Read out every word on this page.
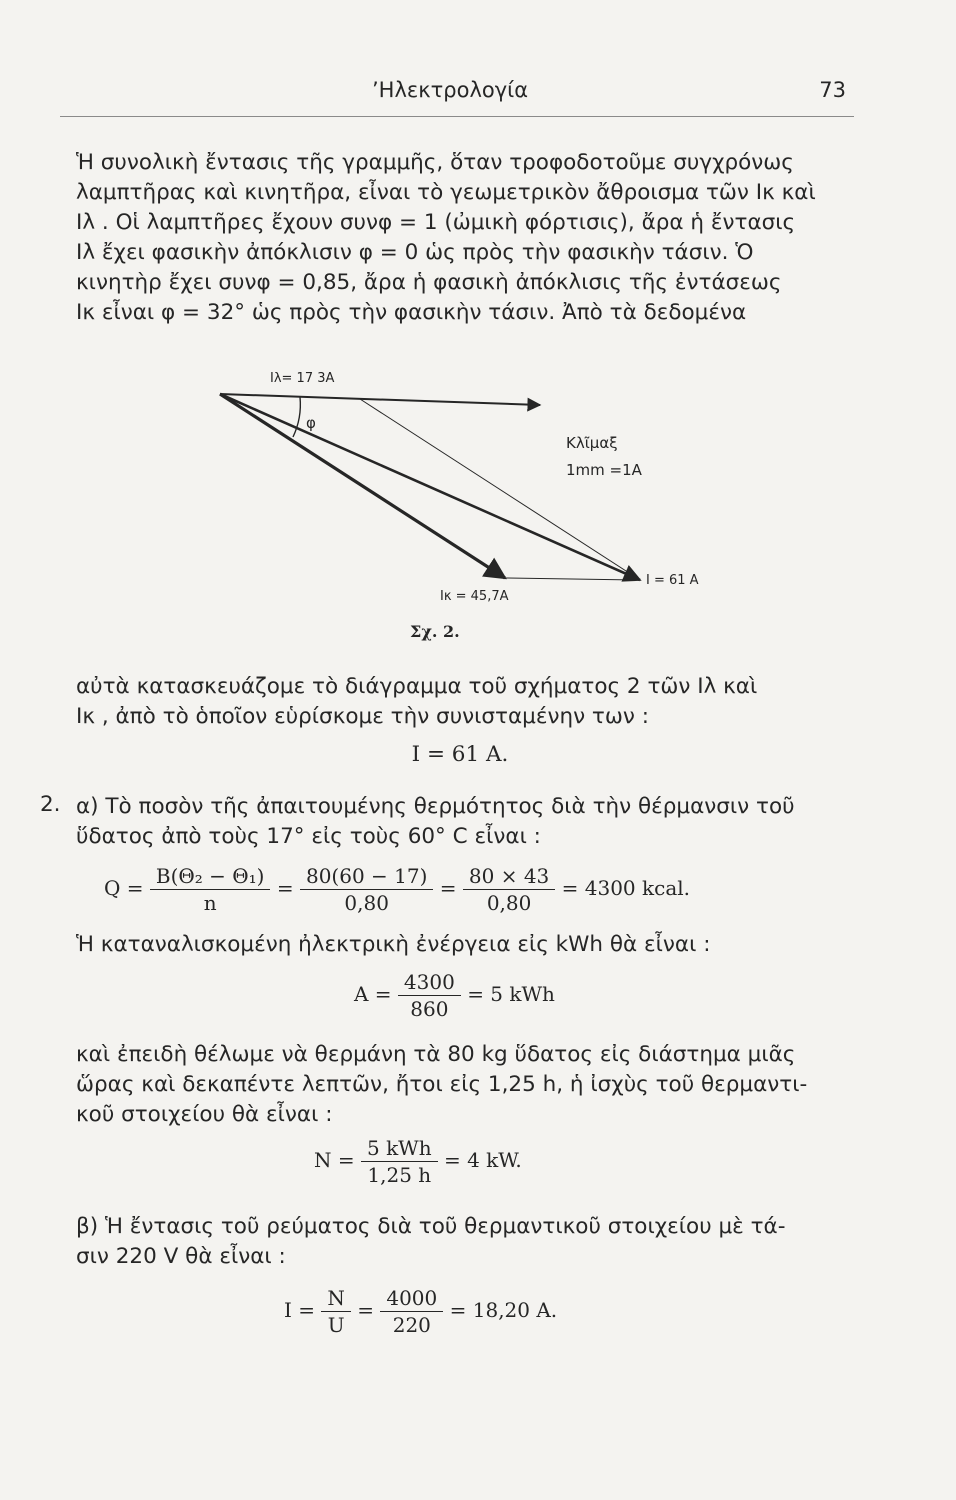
’Ηλεκτρολογία	73

Ἡ συνολικὴ ἔντασις τῆς γραμμῆς, ὅταν τροφοδοτοῦμε συγχρόνως

λαμπτῆρας καὶ κινητῆρα, εἶναι τὸ γεωμετρικὸν ἄθροισμα τῶν Iκ καὶ

Iλ . Οἱ λαμπτῆρες ἔχουν συνφ = 1 (ὠμικὴ φόρτισις), ἄρα ἡ ἔντασις

Iλ ἔχει φασικὴν ἀπόκλισιν φ = 0 ὡς πρὸς τὴν φασικὴν τάσιν. Ὁ

κινητὴρ ἔχει συνφ = 0,85, ἄρα ἡ φασικὴ ἀπόκλισις τῆς ἐντάσεως

Iκ εἶναι φ = 32° ὡς πρὸς τὴν φασικὴν τάσιν. Ἀπὸ τὰ δεδομένα

Iλ= 17 3A
φ
Κλῖμαξ
1mm =1A
Iκ = 45,7A
I = 61 A
Σχ. 2.

αὐτὰ κατασκευάζομε τὸ διάγραμμα τοῦ σχήματος 2 τῶν Iλ καὶ

Iκ , ἀπὸ τὸ ὁποῖον εὑρίσκομε τὴν συνισταμένην των :

I = 61 A.

2. α) Τὸ ποσὸν τῆς ἀπαιτουμένης θερμότητος διὰ τὴν θέρμανσιν τοῦ

ὕδατος ἀπὸ τοὺς 17° εἰς τοὺς 60° C εἶναι :

$Q = \frac{\text{B(Θ₂ − Θ₁)}}{n} = \frac{80(60 - 17)}{0,80} = \frac{80 \times 43}{0,80} = 4300$ kcal.

Ἡ καταναλισκομένη ἠλεκτρικὴ ἐνέργεια εἰς kWh θὰ εἶναι :

$A = \frac{4300}{860} = 5$ kWh

καὶ ἐπειδὴ θέλωμε νὰ θερμάνη τὰ 80 kg ὕδατος εἰς διάστημα μιᾶς

ὥρας καὶ δεκαπέντε λεπτῶν, ἤτοι εἰς 1,25 h, ἡ ἰσχὺς τοῦ θερμαντι-

κοῦ στοιχείου θὰ εἶναι :

$N = \frac{\text{5 kWh}}{1,25 h} = 4$ kW.

β) Ἡ ἔντασις τοῦ ρεύματος διὰ τοῦ θερμαντικοῦ στοιχείου μὲ τά-

σιν 220 V θὰ εἶναι :

$I = \frac{N}{U} = \frac{4000}{220} = 18,20$ A.
